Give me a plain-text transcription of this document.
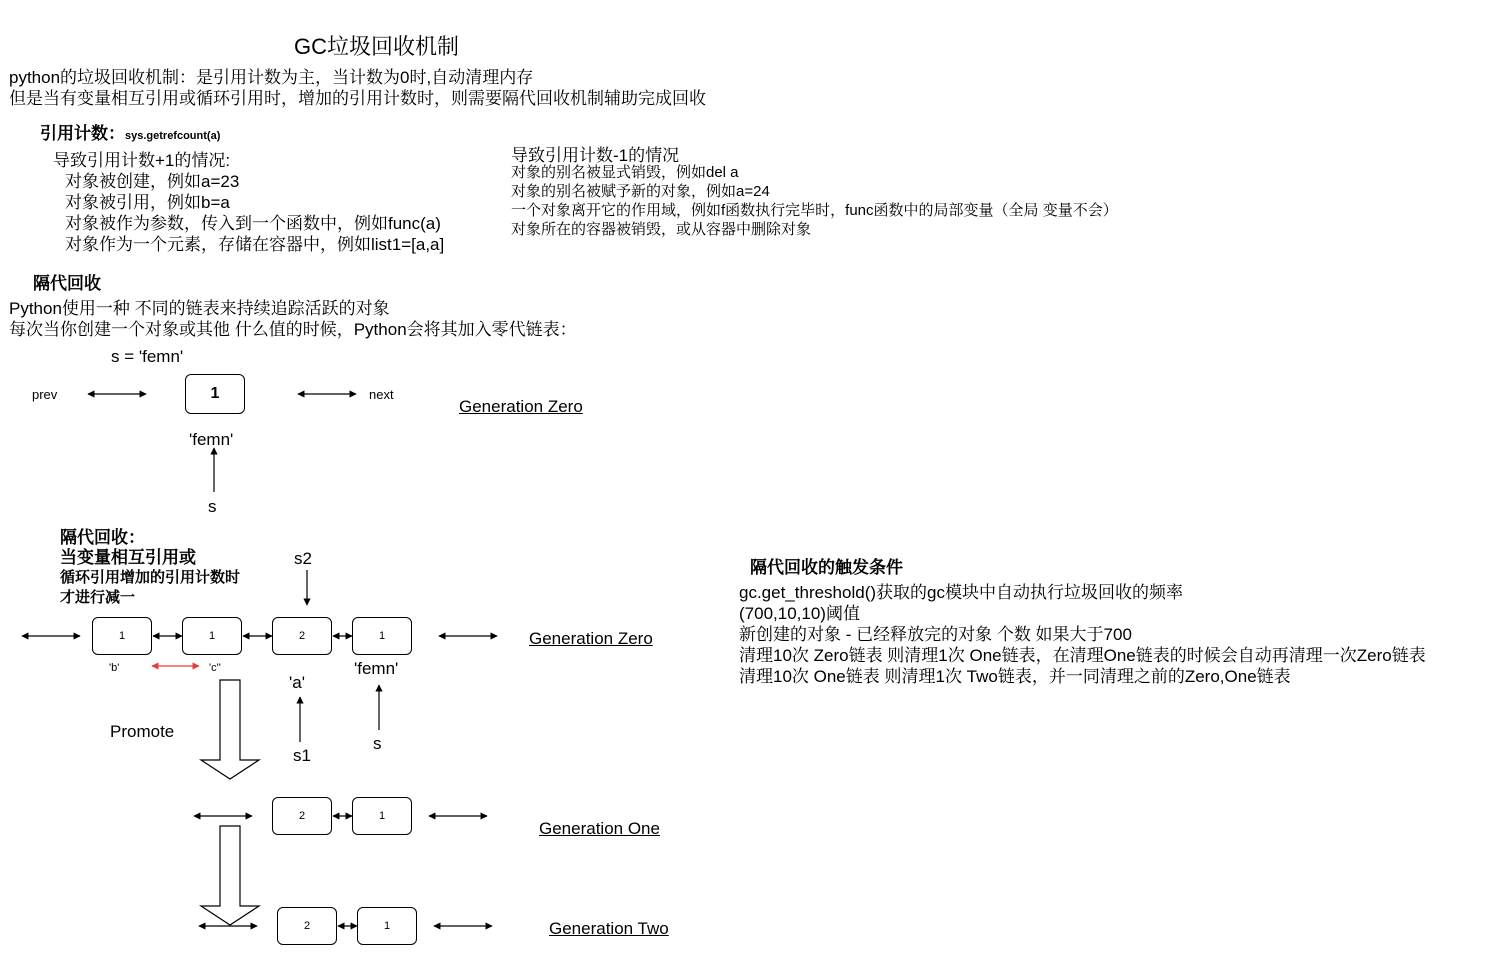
GC垃圾回收机制
python的垃圾回收机制：是引用计数为主，当计数为0时,自动清理内存
但是当有变量相互引用或循环引用时，增加的引用计数时，则需要隔代回收机制辅助完成回收
引用计数：sys.getrefcount(a)
导致引用计数+1的情况:
对象被创建，例如a=23
对象被引用，例如b=a
对象被作为参数，传入到一个函数中，例如func(a)
对象作为一个元素，存储在容器中，例如list1=[a,a]
导致引用计数-1的情况
对象的别名被显式销毁，例如del a
对象的别名被赋予新的对象，例如a=24
一个对象离开它的作用域，例如f函数执行完毕时，func函数中的局部变量（全局 变量不会）
对象所在的容器被销毁，或从容器中删除对象
隔代回收
Python使用一种 不同的链表来持续追踪活跃的对象
每次当你创建一个对象或其他 什么值的时候，Python会将其加入零代链表：
s = 'femn'
prev	1	next
Generation Zero
'femn'
s
隔代回收：
当变量相互引用或
循环引用增加的引用计数时
才进行减一
s2
1	1	2	1	Generation Zero
'b'	'c''
'a'
'femn'
Promote
s
s1
2	1
Generation One
2	1	Generation Two
隔代回收的触发条件
gc.get_threshold()获取的gc模块中自动执行垃圾回收的频率
(700,10,10)阈值
新创建的对象 - 已经释放完的对象 个数 如果大于700
清理10次 Zero链表 则清理1次 One链表，在清理One链表的时候会自动再清理一次Zero链表
清理10次 One链表 则清理1次 Two链表，并一同清理之前的Zero,One链表
